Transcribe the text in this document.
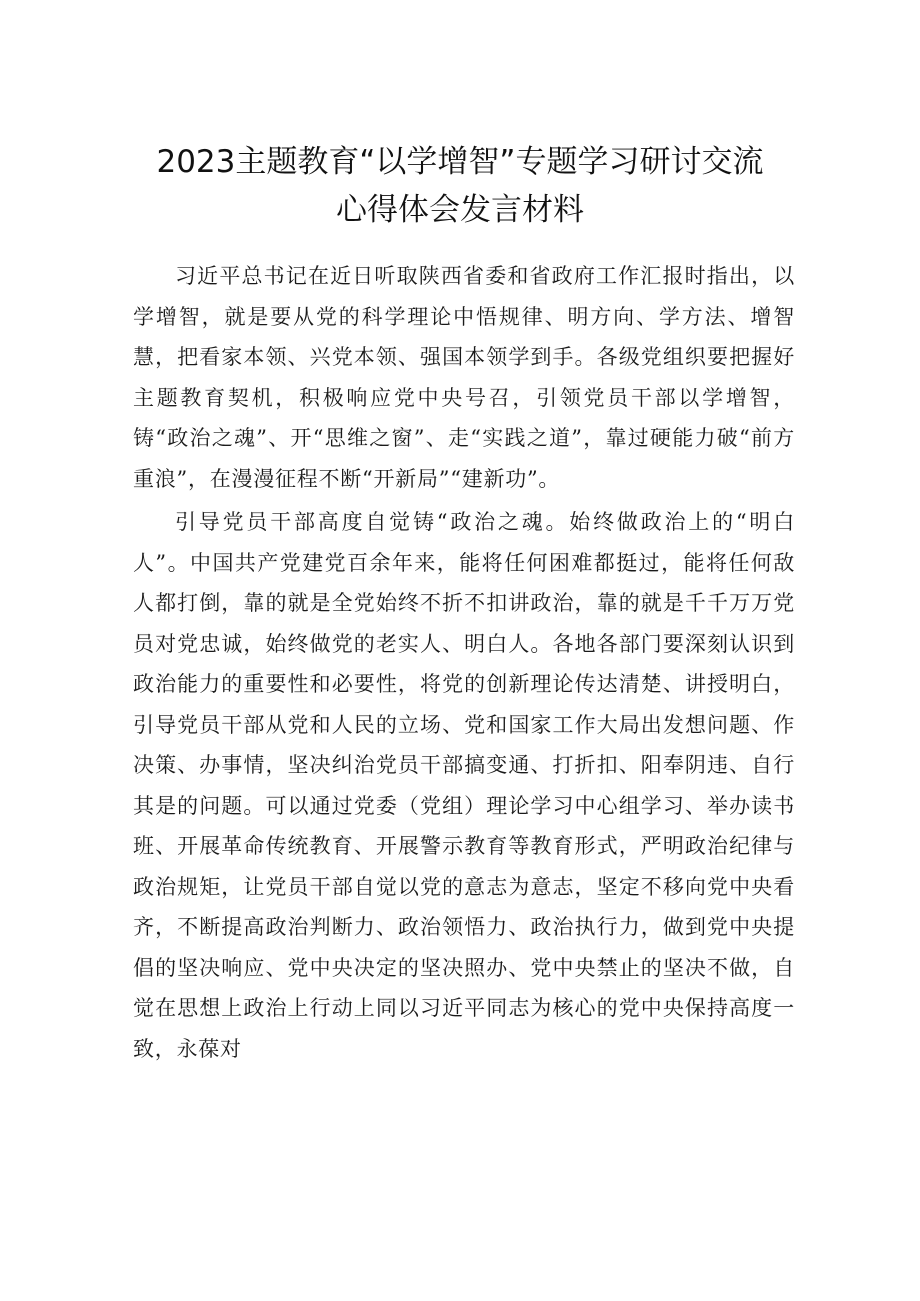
2023主题教育“以学增智”专题学习研讨交流
心得体会发言材料

习近平总书记在近日听取陕西省委和省政府工作汇报时指出，以学增智，就是要从党的科学理论中悟规律、明方向、学方法、增智慧，把看家本领、兴党本领、强国本领学到手。各级党组织要把握好主题教育契机，积极响应党中央号召，引领党员干部以学增智，铸“政治之魂”、开“思维之窗”、走“实践之道”，靠过硬能力破“前方重浪”，在漫漫征程不断“开新局”“建新功”。

引导党员干部高度自觉铸“政治之魂。始终做政治上的“明白人”。中国共产党建党百余年来，能将任何困难都挺过，能将任何敌人都打倒，靠的就是全党始终不折不扣讲政治，靠的就是千千万万党员对党忠诚，始终做党的老实人、明白人。各地各部门要深刻认识到政治能力的重要性和必要性，将党的创新理论传达清楚、讲授明白，引导党员干部从党和人民的立场、党和国家工作大局出发想问题、作决策、办事情，坚决纠治党员干部搞变通、打折扣、阳奉阴违、自行其是的问题。可以通过党委（党组）理论学习中心组学习、举办读书班、开展革命传统教育、开展警示教育等教育形式，严明政治纪律与政治规矩，让党员干部自觉以党的意志为意志，坚定不移向党中央看齐，不断提高政治判断力、政治领悟力、政治执行力，做到党中央提倡的坚决响应、党中央决定的坚决照办、党中央禁止的坚决不做，自觉在思想上政治上行动上同以习近平同志为核心的党中央保持高度一致，永葆对
